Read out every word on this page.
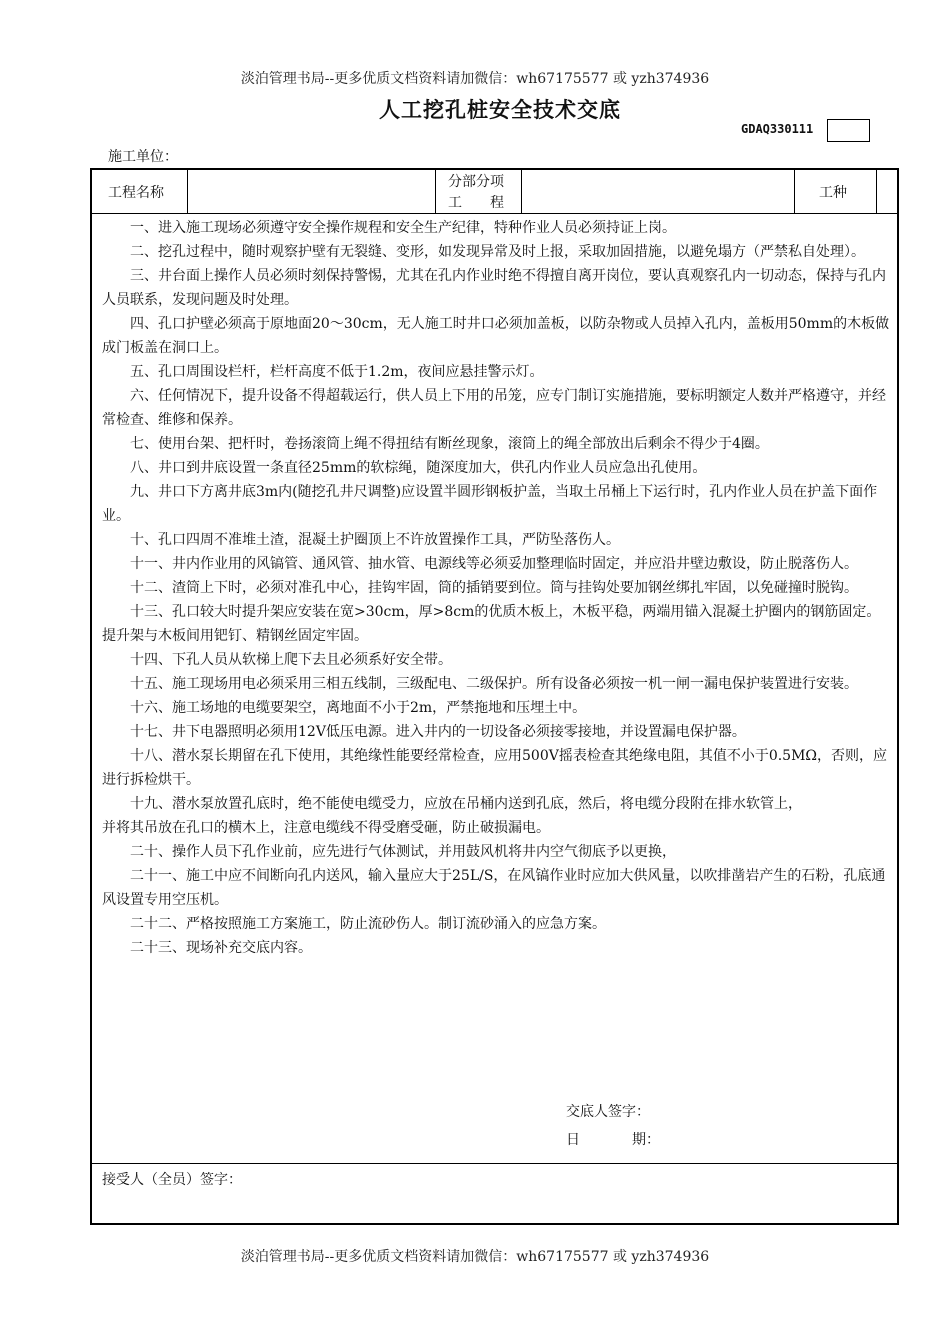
淡泊管理书局--更多优质文档资料请加微信：wh67175577 或 yzh374936
人工挖孔桩安全技术交底
GDAQ330111
施工单位：
工程名称
分部分项
工　　程
工种

一、进入施工现场必须遵守安全操作规程和安全生产纪律，特种作业人员必须持证上岗。

二、挖孔过程中，随时观察护壁有无裂缝、变形，如发现异常及时上报，采取加固措施，以避免塌方（严禁私自处理）。

三、井台面上操作人员必须时刻保持警惕，尤其在孔内作业时绝不得擅自离开岗位，要认真观察孔内一切动态，保持与孔内人员联系，发现问题及时处理。

四、孔口护壁必须高于原地面20～30cm，无人施工时井口必须加盖板，以防杂物或人员掉入孔内，盖板用50mm的木板做成门板盖在洞口上。

五、孔口周围设栏杆，栏杆高度不低于1.2m，夜间应悬挂警示灯。

六、任何情况下，提升设备不得超载运行，供人员上下用的吊笼，应专门制订实施措施，要标明额定人数并严格遵守，并经常检查、维修和保养。

七、使用台架、把杆时，卷扬滚筒上绳不得扭结有断丝现象，滚筒上的绳全部放出后剩余不得少于4圈。

八、井口到井底设置一条直径25mm的软棕绳，随深度加大，供孔内作业人员应急出孔使用。

九、井口下方离井底3m内(随挖孔井尺调整)应设置半圆形钢板护盖，当取土吊桶上下运行时，孔内作业人员在护盖下面作业。

十、孔口四周不准堆土渣，混凝土护圈顶上不许放置操作工具，严防坠落伤人。

十一、井内作业用的风镐管、通风管、抽水管、电源线等必须妥加整理临时固定，并应沿井壁边敷设，防止脱落伤人。

十二、渣筒上下时，必须对准孔中心，挂钩牢固，筒的插销要到位。筒与挂钩处要加钢丝绑扎牢固，以免碰撞时脱钩。

十三、孔口较大时提升架应安装在宽>30cm，厚>8cm的优质木板上，木板平稳，两端用锚入混凝土护圈内的钢筋固定。提升架与木板间用钯钉、精钢丝固定牢固。

十四、下孔人员从软梯上爬下去且必须系好安全带。

十五、施工现场用电必须采用三相五线制，三级配电、二级保护。所有设备必须按一机一闸一漏电保护装置进行安装。

十六、施工场地的电缆要架空，离地面不小于2m，严禁拖地和压埋土中。

十七、井下电器照明必须用12V低压电源。进入井内的一切设备必须接零接地，并设置漏电保护器。

十八、潜水泵长期留在孔下使用，其绝缘性能要经常检查，应用500V摇表检查其绝缘电阻，其值不小于0.5MΩ，否则，应进行拆检烘干。

十九、潜水泵放置孔底时，绝不能使电缆受力，应放在吊桶内送到孔底，然后，将电缆分段附在排水软管上，

并将其吊放在孔口的横木上，注意电缆线不得受磨受砸，防止破损漏电。

二十、操作人员下孔作业前，应先进行气体测试，并用鼓风机将井内空气彻底予以更换，

二十一、施工中应不间断向孔内送风，输入量应大于25L/S，在风镐作业时应加大供风量，以吹排凿岩产生的石粉，孔底通风设置专用空压机。

二十二、严格按照施工方案施工，防止流砂伤人。制订流砂涌入的应急方案。

二十三、现场补充交底内容。

交底人签字：
日	期：
接受人（全员）签字：
淡泊管理书局--更多优质文档资料请加微信：wh67175577 或 yzh374936
